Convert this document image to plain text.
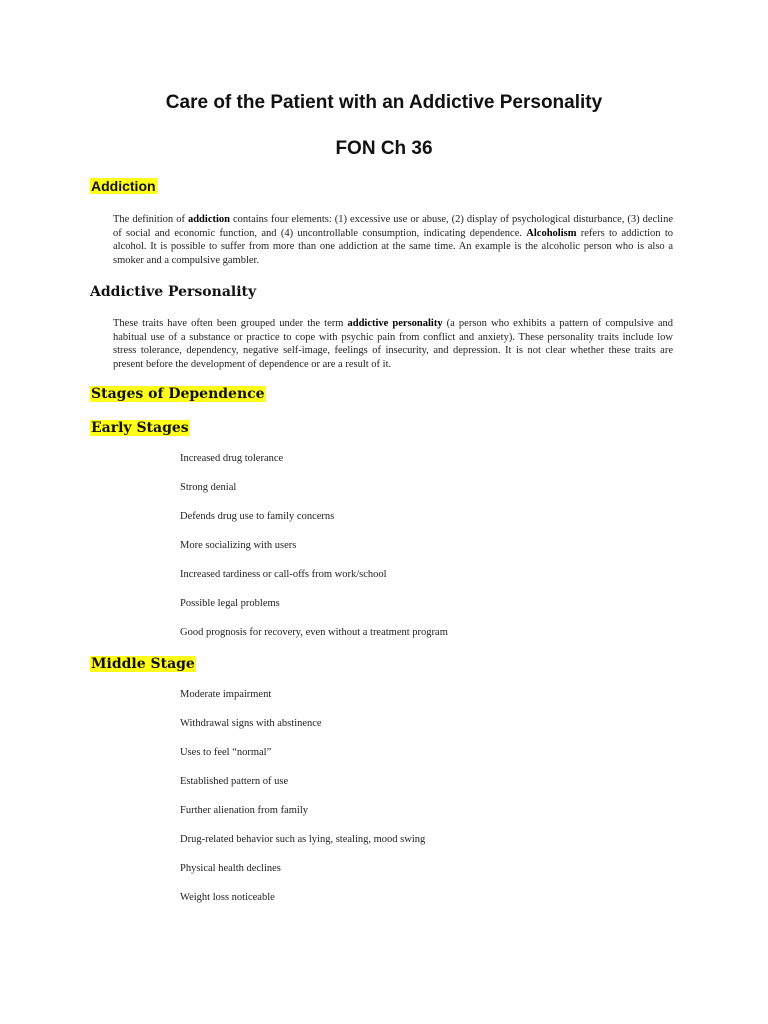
Care of the Patient with an Addictive Personality
FON Ch 36
Addiction

The definition of addiction contains four elements: (1) excessive use or abuse, (2) display of psychological disturbance, (3) decline of social and economic function, and (4) uncontrollable consumption, indicating dependence. Alcoholism refers to addiction to alcohol. It is possible to suffer from more than one addiction at the same time. An example is the alcoholic person who is also a smoker and a compulsive gambler.

Addictive Personality

These traits have often been grouped under the term addictive personality (a person who exhibits a pattern of compulsive and habitual use of a substance or practice to cope with psychic pain from conflict and anxiety). These personality traits include low stress tolerance, dependency, negative self-image, feelings of insecurity, and depression. It is not clear whether these traits are present before the development of dependence or are a result of it.

Stages of Dependence
Early Stages

Increased drug tolerance

Strong denial

Defends drug use to family concerns

More socializing with users

Increased tardiness or call-offs from work/school

Possible legal problems

Good prognosis for recovery, even without a treatment program

Middle Stage

Moderate impairment

Withdrawal signs with abstinence

Uses to feel “normal”

Established pattern of use

Further alienation from family

Drug-related behavior such as lying, stealing, mood swing

Physical health declines

Weight loss noticeable
